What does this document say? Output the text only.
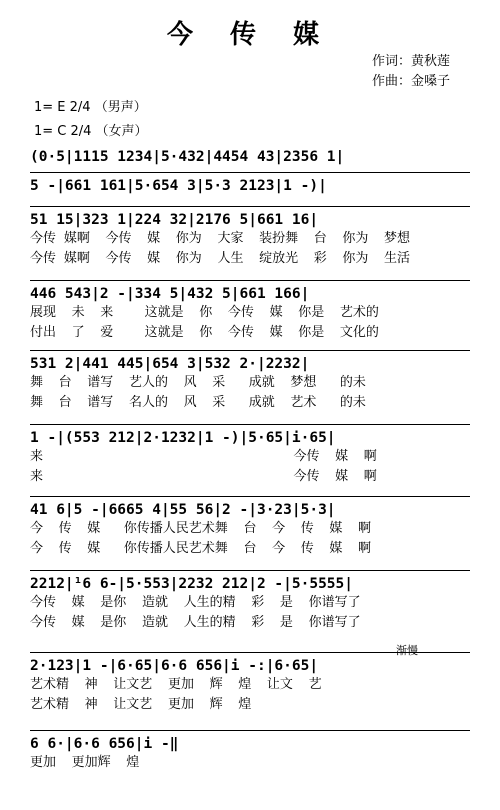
今 传 媒
作词：黄秋莲
作曲：金嗓子
1= E 2/4 （男声）
1= C 2/4 （女声）
(0·5|1115 1234|5·432|4454 43|2356 1|
5 -|661 161|5·654 3|5·3 2123|1 -)|
51 15|323 1|224 32|2176 5|661 16|
今传 媒啊  今传  媒  你为  大家  装扮舞  台  你为  梦想
今传 媒啊  今传  媒  你为  人生  绽放光  彩  你为  生活
446 543|2 -|334 5|432 5|661 166|
展现  未  来    这就是  你  今传  媒  你是  艺术的
付出  了  爱    这就是  你  今传  媒  你是  文化的
531 2|441 445|654 3|532 2·|2232|
舞  台  谱写  艺人的  风  采   成就  梦想   的未
舞  台  谱写  名人的  风  采   成就  艺术   的未
1 -|(553 212|2·1232|1 -)|5·65|i·65|
来                                今传  媒  啊
来                                今传  媒  啊
41 6|5 -|6665 4|55 56|2 -|3·23|5·3|
今  传  媒   你传播人民艺术舞  台  今  传  媒  啊
今  传  媒   你传播人民艺术舞  台  今  传  媒  啊
2212|¹6 6-|5·553|2232 212|2 -|5·5555|
今传  媒  是你  造就  人生的精  彩  是  你谱写了
今传  媒  是你  造就  人生的精  彩  是  你谱写了
2·123|1 -|6·65|6·6 656|i -:|6·65|
艺术精  神  让文艺  更加  辉  煌  让文  艺
艺术精  神  让文艺  更加  辉  煌
6 6·|6·6 656|i -‖
更加  更加辉  煌
渐慢
